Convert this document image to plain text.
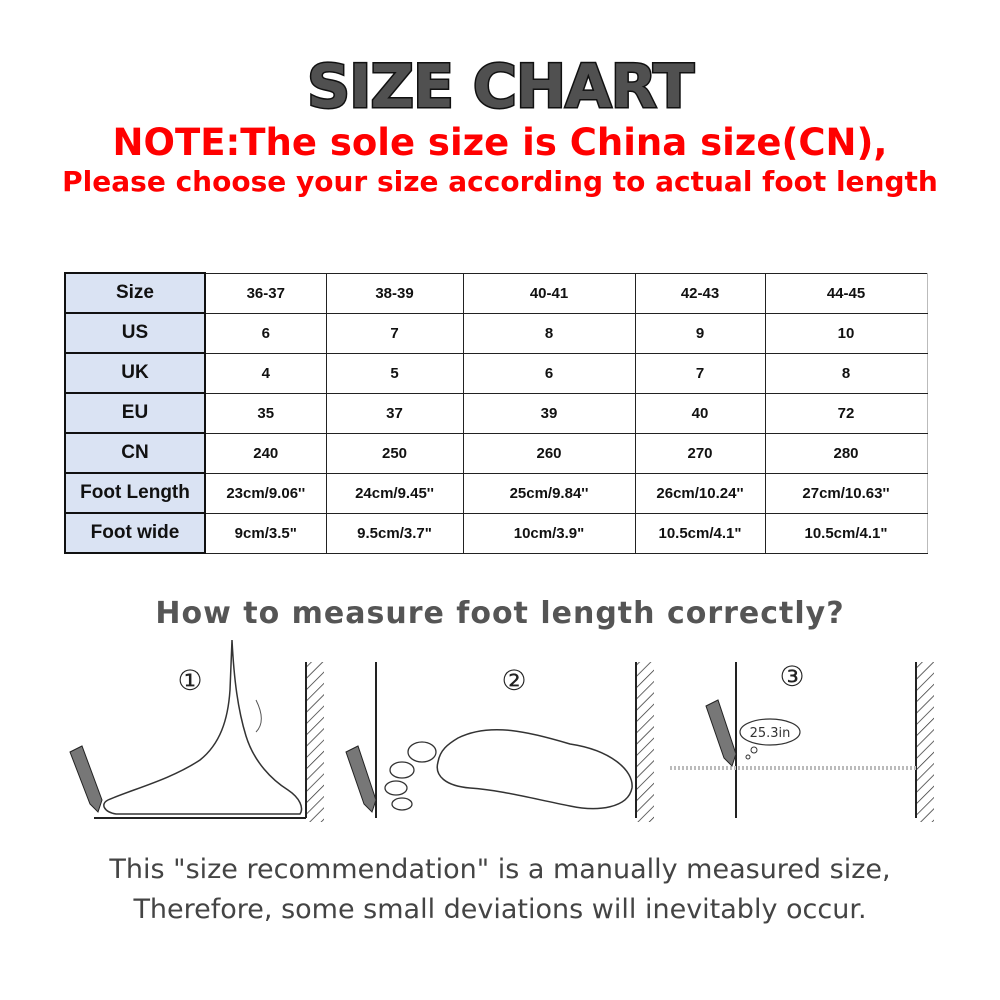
SIZE CHART
NOTE:The sole size is China size(CN),
Please choose your size according to actual foot length
Size	36-37	38-39	40-41	42-43	44-45
US	6	7	8	9	10
UK	4	5	6	7	8
EU	35	37	39	40	72
CN	240	250	260	270	280
Foot Length	23cm/9.06''	24cm/9.45''	25cm/9.84''	26cm/10.24''	27cm/10.63''
Foot wide	9cm/3.5"	9.5cm/3.7"	10cm/3.9"	10.5cm/4.1"	10.5cm/4.1"
How to measure foot length correctly?
①	②
25.3in
③
This "size recommendation" is a manually measured size,
Therefore, some small deviations will inevitably occur.
